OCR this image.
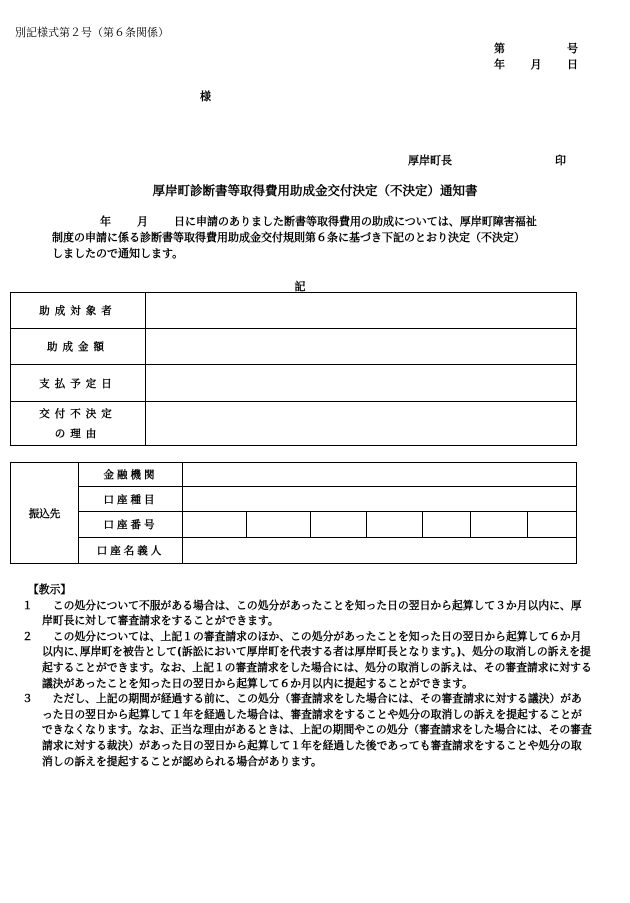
別記様式第２号（第６条関係）
第	号
年 月 日
様
厚岸町長	印
厚岸町診断書等取得費用助成金交付決定（不決定）通知書
年 月 日に申請のありました断書等取得費用の助成については、厚岸町障害福祉
制度の申請に係る診断書等取得費用助成金交付規則第６条に基づき下記のとおり決定（不決定）
しましたので通知します。
記
助成対象者	
助成金額	
支払予定日	

交付不決定
の理由	

振込先	金融機関							
	口座種目							
	口座番号							
	口座名義人							
【教示】
１ 　この処分について不服がある場合は、この処分があったことを知った日の翌日から起算して３か月以内に、厚岸町長に対して審査請求をすることができます。
２ 　この処分については、上記１の審査請求のほか、この処分があったことを知った日の翌日から起算して６か月以内に､厚岸町を被告として(訴訟において厚岸町を代表する者は厚岸町長となります。)、処分の取消しの訴えを提起することができます。なお、上記１の審査請求をした場合には、処分の取消しの訴えは、その審査請求に対する議決があったことを知った日の翌日から起算して６か月以内に提起することができます。
３ 　ただし、上記の期間が経過する前に、この処分（審査請求をした場合には、その審査請求に対する議決）があった日の翌日から起算して１年を経過した場合は、審査請求をすることや処分の取消しの訴えを提起することができなくなります。なお、正当な理由があるときは、上記の期間やこの処分（審査請求をした場合には、その審査請求に対する裁決）があった日の翌日から起算して１年を経過した後であっても審査請求をすることや処分の取消しの訴えを提起することが認められる場合があります。
